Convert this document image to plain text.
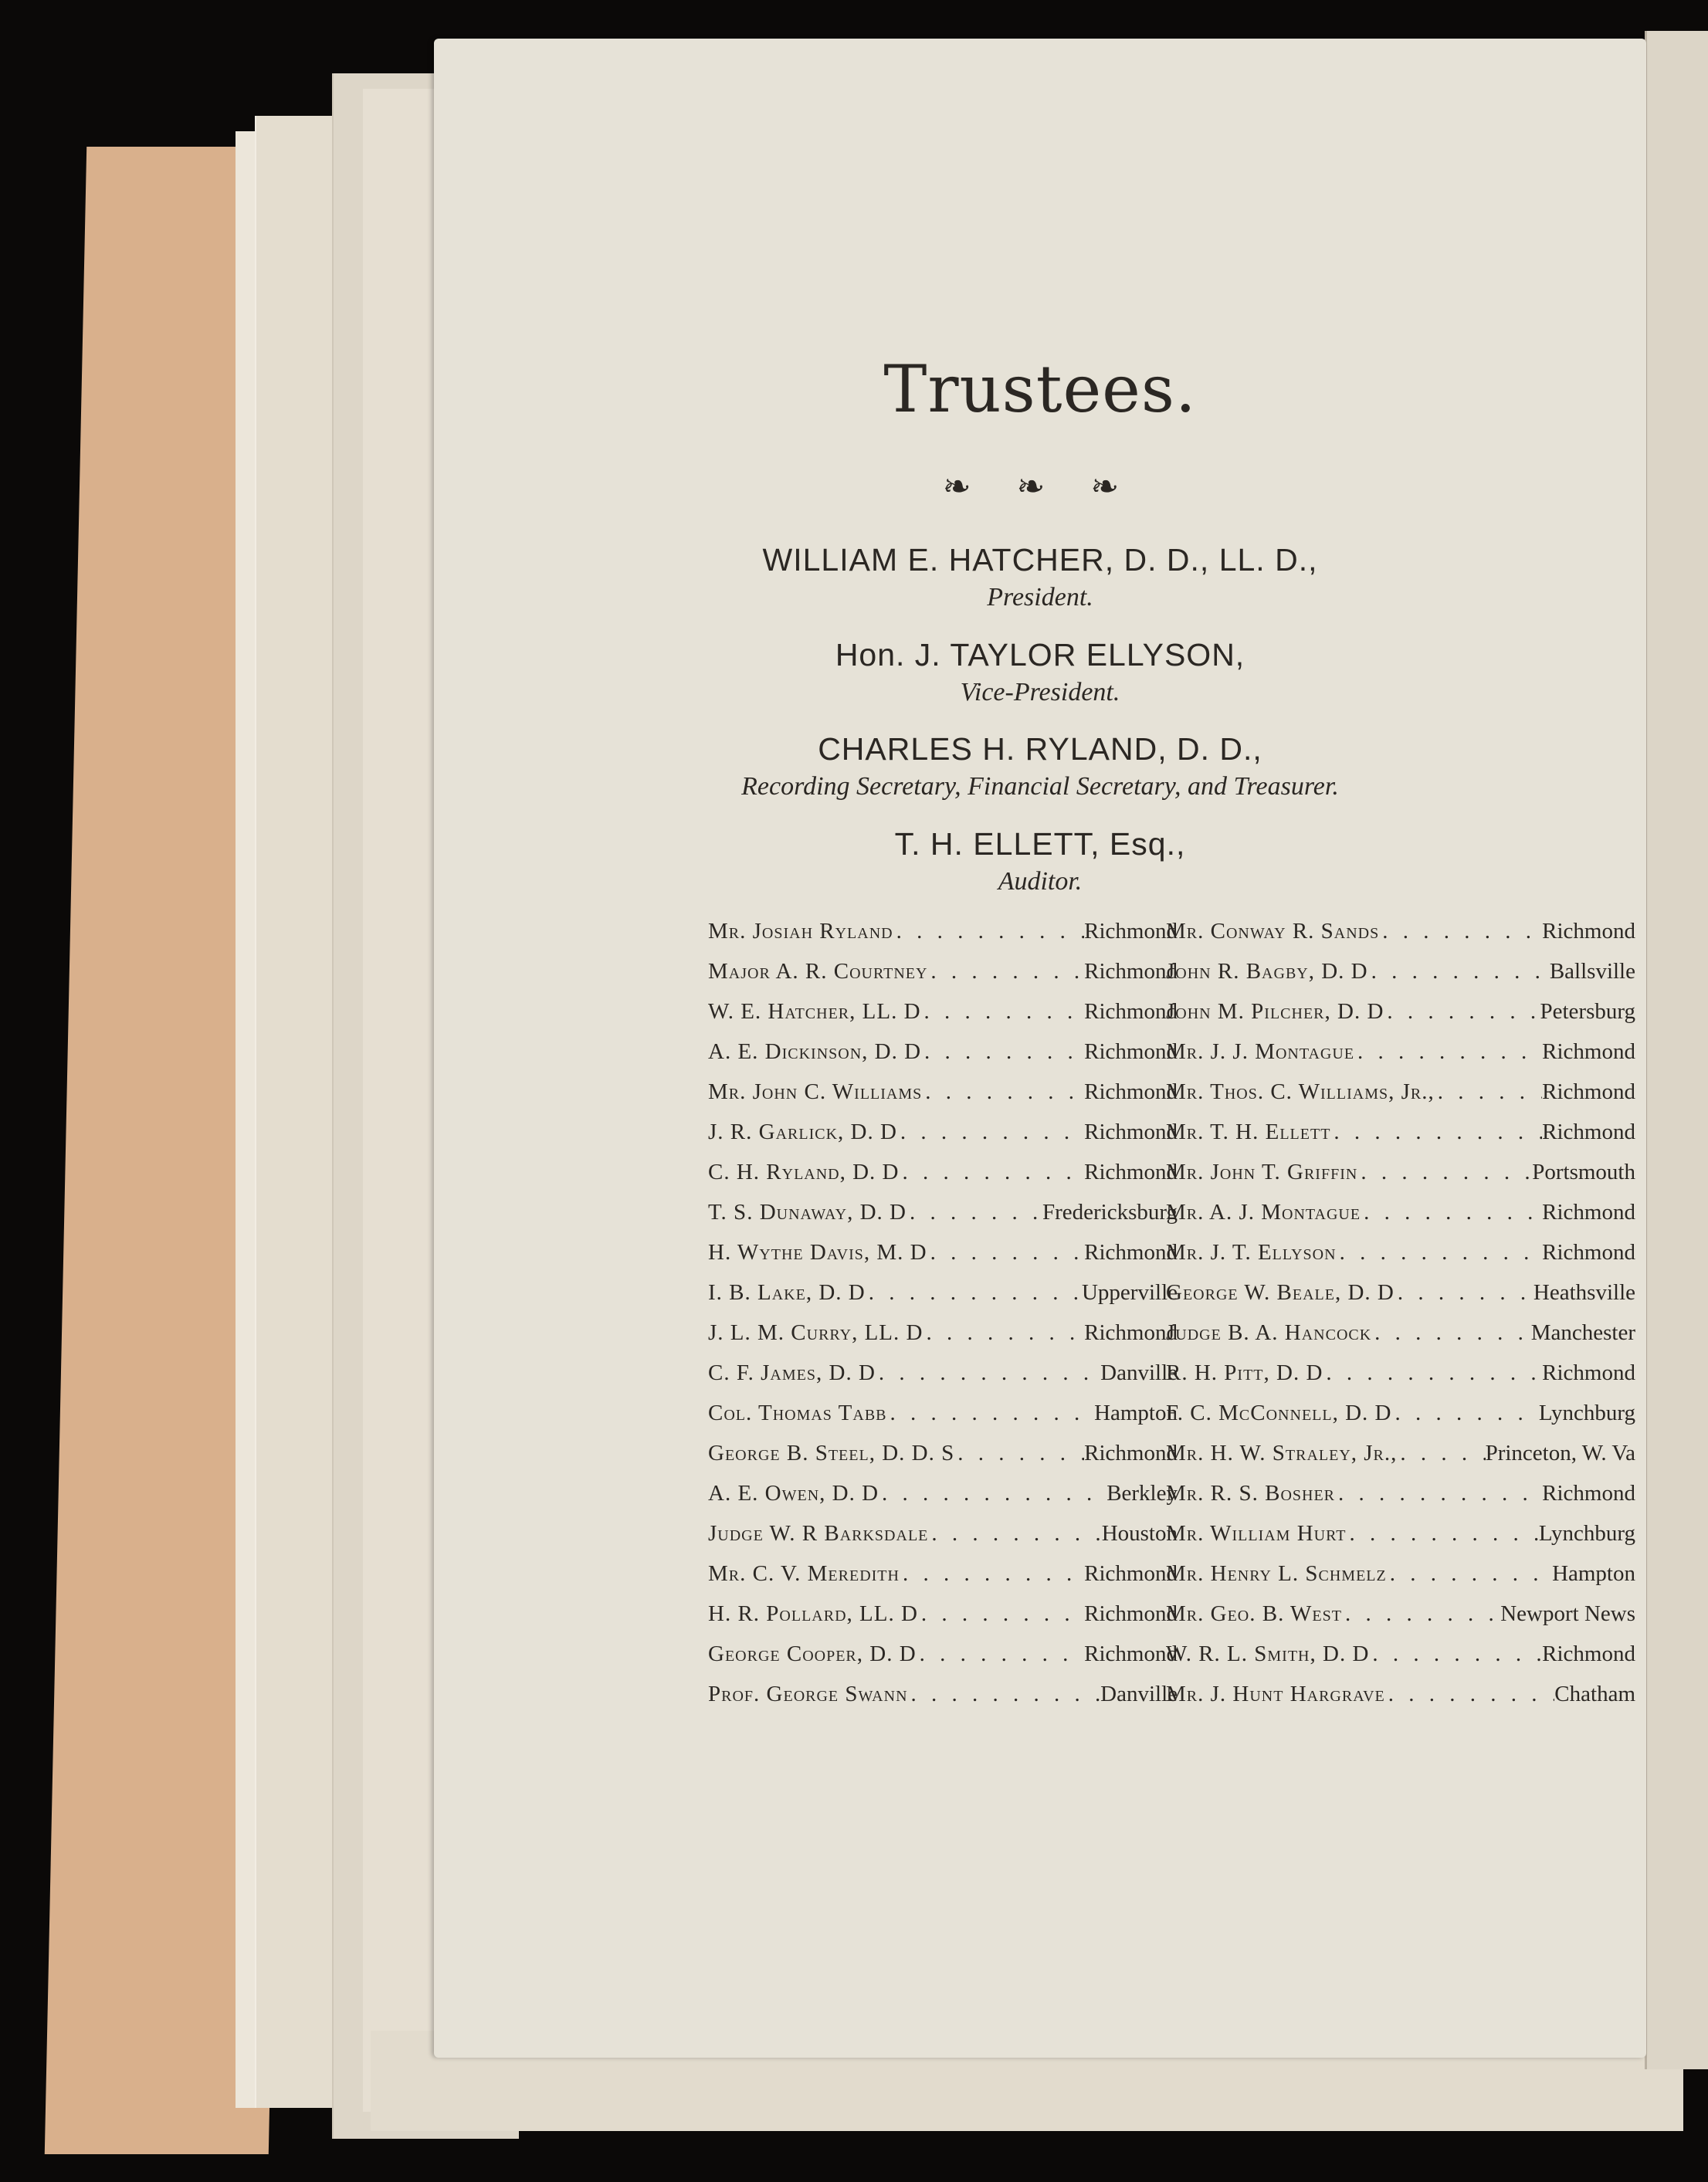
Trustees.
❧ ❧ ❧
WILLIAM E. HATCHER, D. D., LL. D.,
President.
Hon. J. TAYLOR ELLYSON,
Vice-President.
CHARLES H. RYLAND, D. D.,
Recording Secretary, Financial Secretary, and Treasurer.
T. H. ELLETT, Esq.,
Auditor.
Mr. Josiah Ryland . . .	Richmond
Major A. R. Courtney . . .	Richmond
W. E. Hatcher, LL. D . . .	Richmond
A. E. Dickinson, D. D . . .	Richmond
Mr. John C. Williams . . .	Richmond
J. R. Garlick, D. D . . .	Richmond
C. H. Ryland, D. D . . .	Richmond
T. S. Dunaway, D. D . . .	Fredericksburg
H. Wythe Davis, M. D . . .	Richmond
I. B. Lake, D. D . . .	Upperville
J. L. M. Curry, LL. D . . .	Richmond
C. F. James, D. D . . .	Danville
Col. Thomas Tabb . . .	Hampton
George B. Steel, D. D. S . . .	Richmond
A. E. Owen, D. D . . .	Berkley
Judge W. R Barksdale . . .	Houston
Mr. C. V. Meredith . . .	Richmond
H. R. Pollard, LL. D . . .	Richmond
George Cooper, D. D . . .	Richmond
Prof. George Swann . . .	Danville
Mr. Conway R. Sands . . .	Richmond
John R. Bagby, D. D . . .	Ballsville
John M. Pilcher, D. D . . .	Petersburg
Mr. J. J. Montague . . .	Richmond
Mr. Thos. C. Williams, Jr., . . .	Richmond
Mr. T. H. Ellett . . .	Richmond
Mr. John T. Griffin . . .	Portsmouth
Mr. A. J. Montague . . .	Richmond
Mr. J. T. Ellyson . . .	Richmond
George W. Beale, D. D . . .	Heathsville
Judge B. A. Hancock . . .	Manchester
R. H. Pitt, D. D . . .	Richmond
F. C. McConnell, D. D . . .	Lynchburg
Mr. H. W. Straley, Jr., . . .	Princeton, W. Va
Mr. R. S. Bosher . . .	Richmond
Mr. William Hurt . . .	Lynchburg
Mr. Henry L. Schmelz . . .	Hampton
Mr. Geo. B. West . . .	Newport News
W. R. L. Smith, D. D . . .	Richmond
Mr. J. Hunt Hargrave . . .	Chatham
